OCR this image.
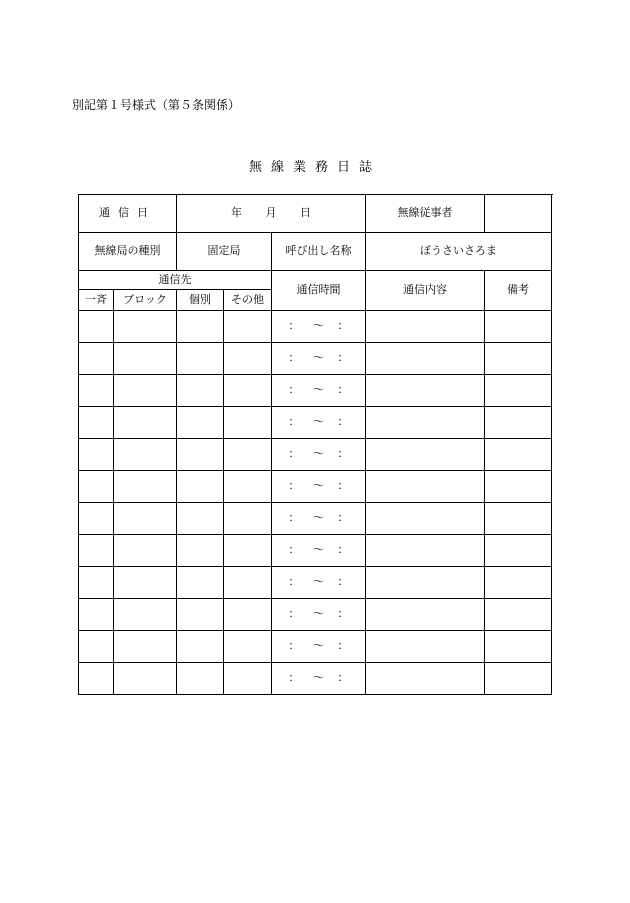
別記第１号様式（第５条関係）
無線業務日誌
通信日		年 月 日			無線従事者	
無線局の種別		固定局		呼び出し名称	ぼうさいさろま	
通信先				通信時間	通信内容	備考
一斉	ブロック	個別	その他			
				： 〜 ：		
				： 〜 ：		
				： 〜 ：		
				： 〜 ：		
				： 〜 ：		
				： 〜 ：		
				： 〜 ：		
				： 〜 ：		
				： 〜 ：		
				： 〜 ：		
				： 〜 ：		
				： 〜 ：		
